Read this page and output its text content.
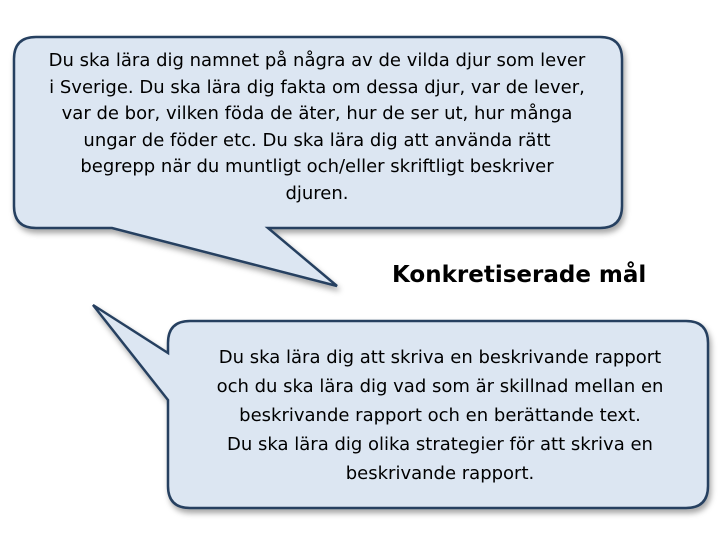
Du ska lära dig namnet på några av de vilda djur som lever
i Sverige. Du ska lära dig fakta om dessa djur, var de lever,
var de bor, vilken föda de äter, hur de ser ut, hur många
ungar de föder etc. Du ska lära dig att använda rätt
begrepp när du muntligt och/eller skriftligt beskriver
djuren.
Konkretiserade mål
Du ska lära dig att skriva en beskrivande rapport
och du ska lära dig vad som är skillnad mellan en
beskrivande rapport och en berättande text.
Du ska lära dig olika strategier för att skriva en
beskrivande rapport.
